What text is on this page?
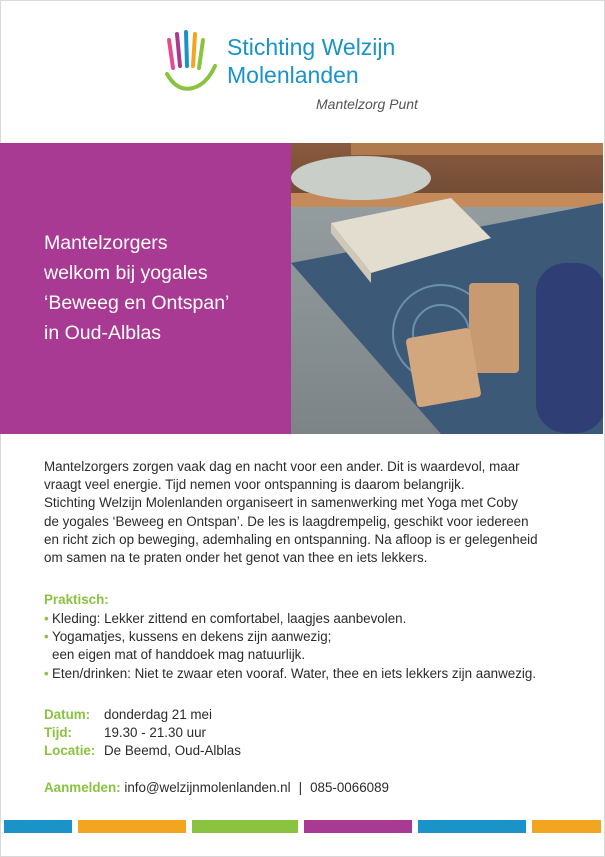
Stichting Welzijn
Molenlanden
Mantelzorg Punt
Mantelzorgers
welkom bij yogales
‘Beweeg en Ontspan’
in Oud-Alblas

Mantelzorgers zorgen vaak dag en nacht voor een ander. Dit is waardevol, maar

vraagt veel energie. Tijd nemen voor ontspanning is daarom belangrijk.

Stichting Welzijn Molenlanden organiseert in samenwerking met Yoga met Coby

de yogales ‘Beweeg en Ontspan’. De les is laagdrempelig, geschikt voor iedereen

en richt zich op beweging, ademhaling en ontspanning. Na afloop is er gelegenheid

om samen na te praten onder het genot van thee en iets lekkers.

Praktisch:
• Kleding: Lekker zittend en comfortabel, laagjes aanbevolen.
• Yogamatjes, kussens en dekens zijn aanwezig;
een eigen mat of handdoek mag natuurlijk.
• Eten/drinken: Niet te zwaar eten vooraf. Water, thee en iets lekkers zijn aanwezig.
Datum:	donderdag 21 mei
Tijd:	19.30 - 21.30 uur
Locatie: De Beemd, Oud-Alblas
Aanmelden: info@welzijnmolenlanden.nl | 085-0066089
